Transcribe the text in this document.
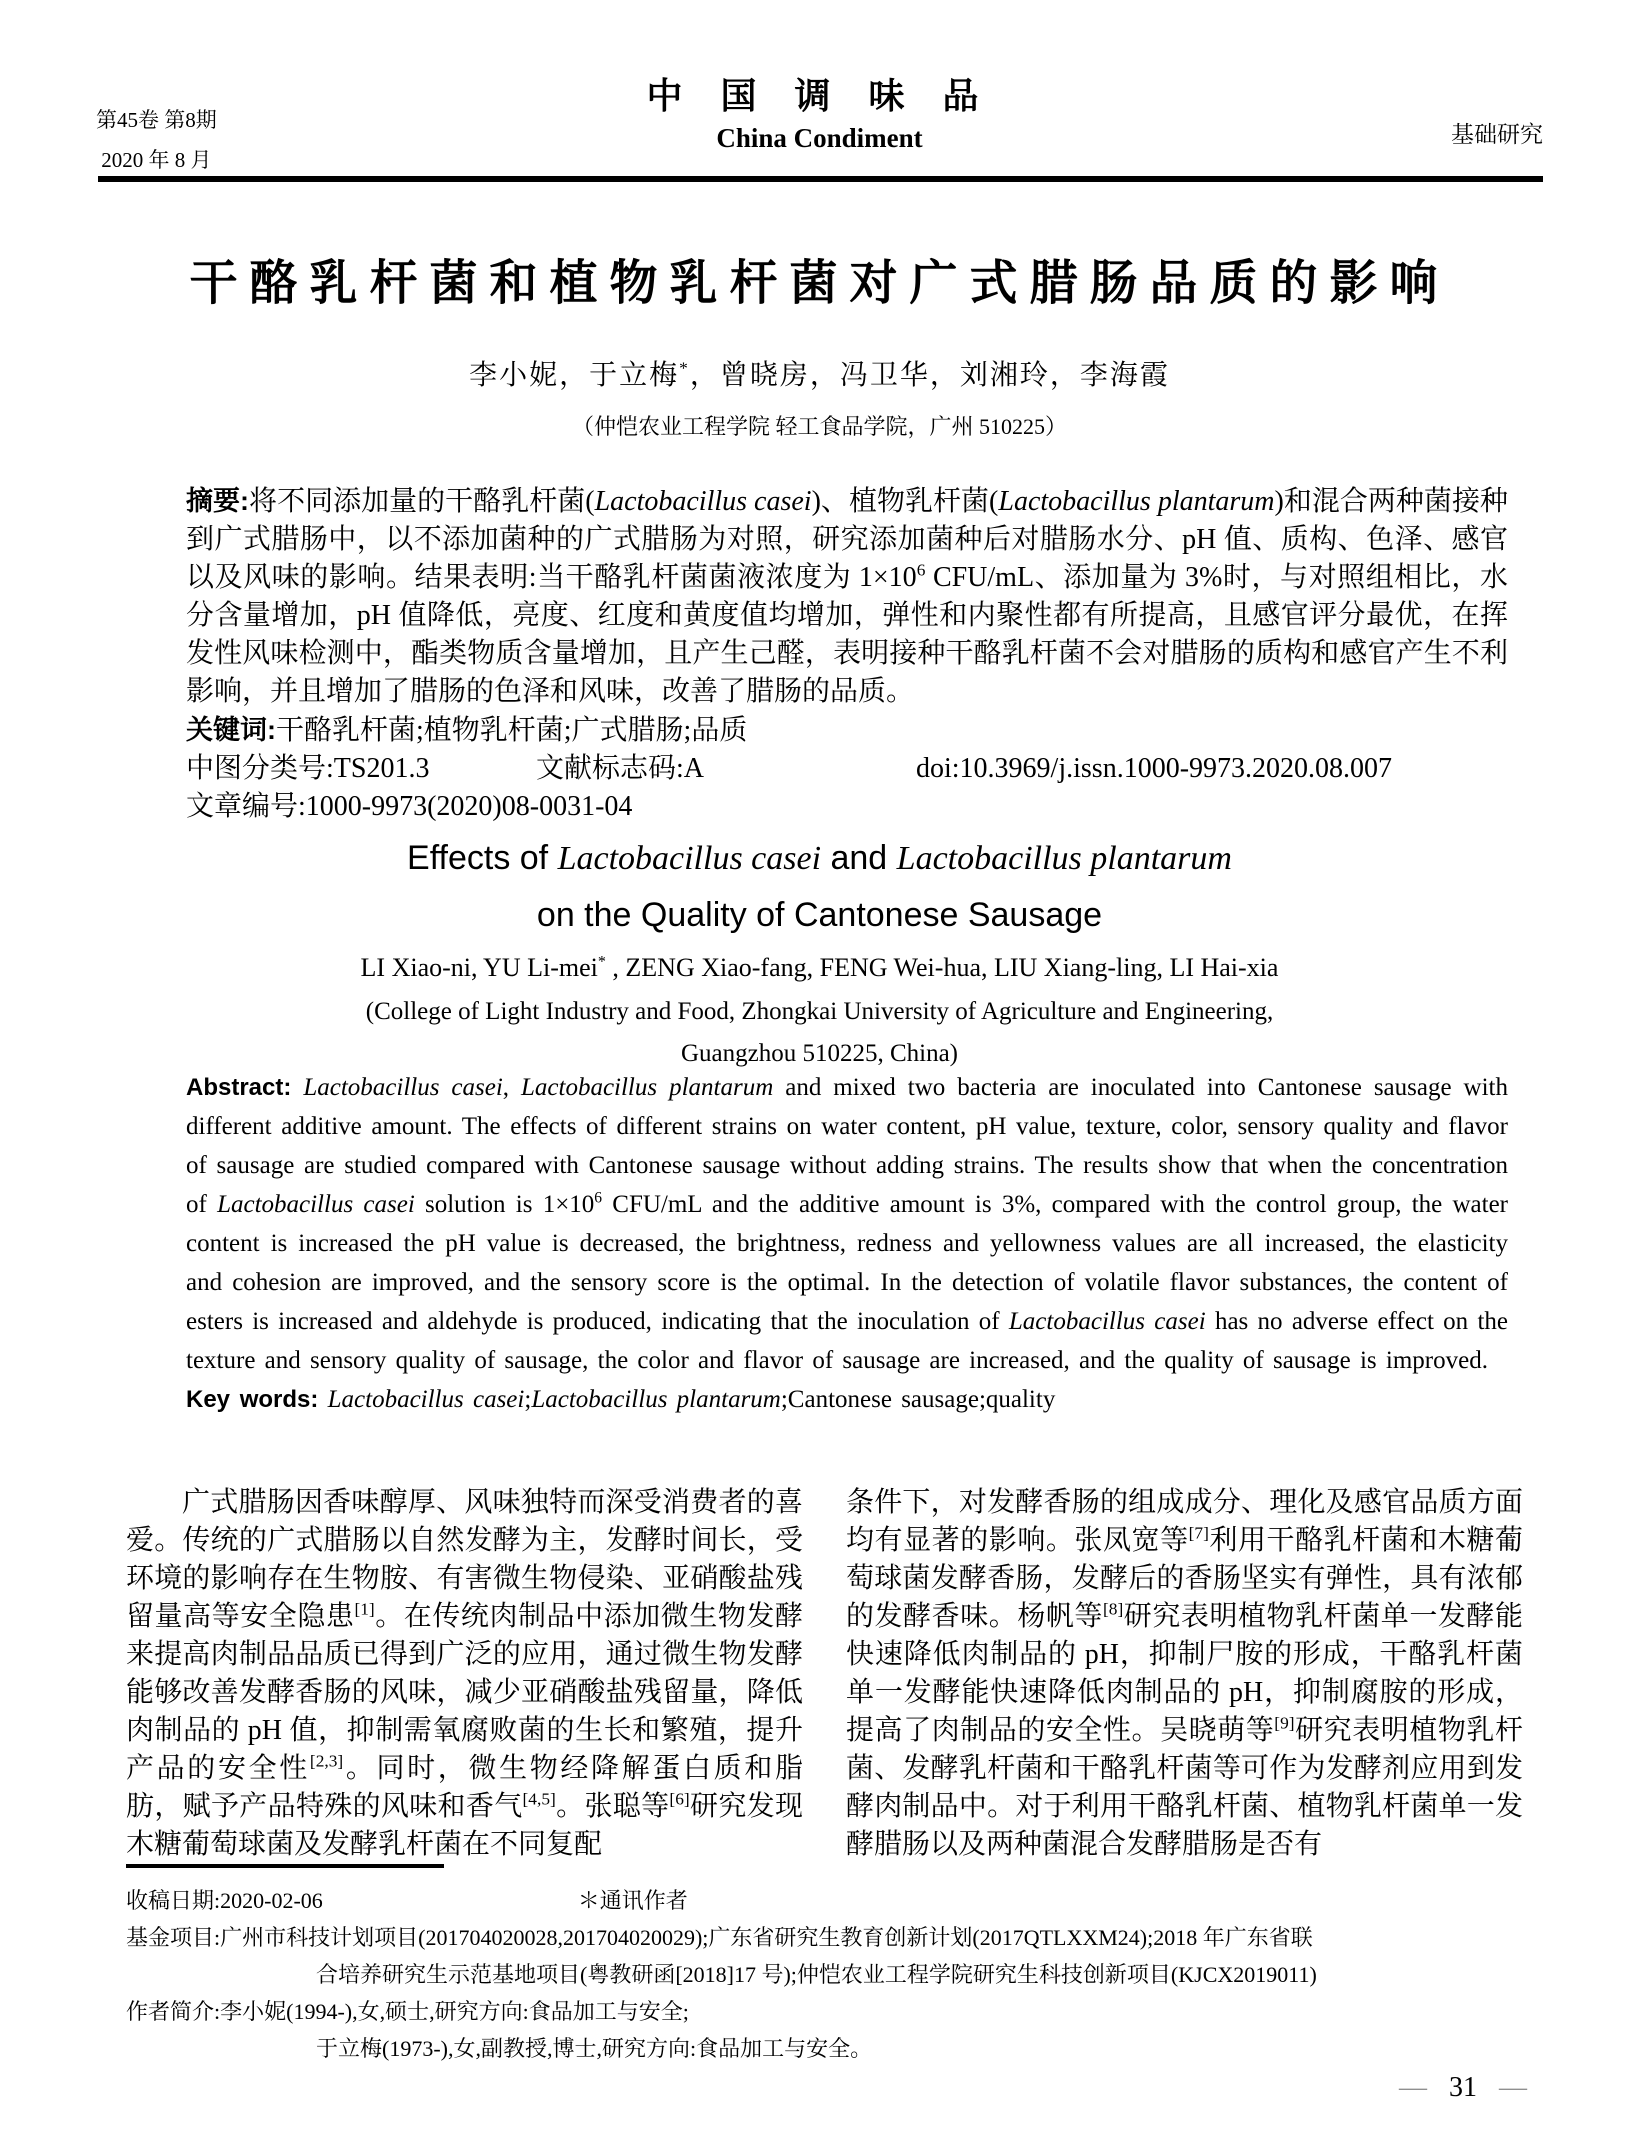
第45卷 第8期
2020 年 8 月
中 国 调 味 品
China Condiment	基础研究
干酪乳杆菌和植物乳杆菌对广式腊肠品质的影响
李小妮，于立梅*，曾晓房，冯卫华，刘湘玲，李海霞
（仲恺农业工程学院 轻工食品学院，广州 510225）

摘要:将不同添加量的干酪乳杆菌(Lactobacillus casei)、植物乳杆菌(Lactobacillus plantarum)和混合两种菌接种到广式腊肠中，以不添加菌种的广式腊肠为对照，研究添加菌种后对腊肠水分、pH 值、质构、色泽、感官以及风味的影响。结果表明:当干酪乳杆菌菌液浓度为 $1\times 10^6$ CFU/mL、添加量为 3%时，与对照组相比，水分含量增加，pH 值降低，亮度、红度和黄度值均增加，弹性和内聚性都有所提高，且感官评分最优，在挥发性风味检测中，酯类物质含量增加，且产生己醛，表明接种干酪乳杆菌不会对腊肠的质构和感官产生不利影响，并且增加了腊肠的色泽和风味，改善了腊肠的品质。

关键词:干酪乳杆菌;植物乳杆菌;广式腊肠;品质

中图分类号:TS201.3	文献标志码:A	doi:10.3969/j.issn.1000-9973.2020.08.007

文章编号:1000-9973(2020)08-0031-04

Effects of Lactobacillus casei and Lactobacillus plantarum
on the Quality of Cantonese Sausage
LI Xiao-ni, YU Li-mei* , ZENG Xiao-fang, FENG Wei-hua, LIU Xiang-ling, LI Hai-xia
(College of Light Industry and Food, Zhongkai University of Agriculture and Engineering,
Guangzhou 510225, China)

Abstract: Lactobacillus casei, Lactobacillus plantarum and mixed two bacteria are inoculated into Cantonese sausage with different additive amount. The effects of different strains on water content, pH value, texture, color, sensory quality and flavor of sausage are studied compared with Cantonese sausage without adding strains. The results show that when the concentration of Lactobacillus casei solution is $1\times 10^6$ CFU/mL and the additive amount is 3%, compared with the control group, the water content is increased the pH value is decreased, the brightness, redness and yellowness values are all increased, the elasticity and cohesion are improved, and the sensory score is the optimal. In the detection of volatile flavor substances, the content of esters is increased and aldehyde is produced, indicating that the inoculation of Lactobacillus casei has no adverse effect on the texture and sensory quality of sausage, the color and flavor of sausage are increased, and the quality of sausage is improved.

Key words: Lactobacillus casei;Lactobacillus plantarum;Cantonese sausage;quality

广式腊肠因香味醇厚、风味独特而深受消费者的喜爱。传统的广式腊肠以自然发酵为主，发酵时间长，受环境的影响存在生物胺、有害微生物侵染、亚硝酸盐残留量高等安全隐患[1]。在传统肉制品中添加微生物发酵来提高肉制品品质已得到广泛的应用，通过微生物发酵能够改善发酵香肠的风味，减少亚硝酸盐残留量，降低肉制品的 pH 值，抑制需氧腐败菌的生长和繁殖，提升产品的安全性[2,3]。同时，微生物经降解蛋白质和脂肪，赋予产品特殊的风味和香气[4,5]。张聪等[6]研究发现木糖葡萄球菌及发酵乳杆菌在不同复配

条件下，对发酵香肠的组成成分、理化及感官品质方面均有显著的影响。张凤宽等[7]利用干酪乳杆菌和木糖葡萄球菌发酵香肠，发酵后的香肠坚实有弹性，具有浓郁的发酵香味。杨帆等[8]研究表明植物乳杆菌单一发酵能快速降低肉制品的 pH，抑制尸胺的形成，干酪乳杆菌单一发酵能快速降低肉制品的 pH，抑制腐胺的形成，提高了肉制品的安全性。吴晓萌等[9]研究表明植物乳杆菌、发酵乳杆菌和干酪乳杆菌等可作为发酵剂应用到发酵肉制品中。对于利用干酪乳杆菌、植物乳杆菌单一发酵腊肠以及两种菌混合发酵腊肠是否有

收稿日期:2020-02-06	＊通讯作者

基金项目:广州市科技计划项目(201704020028,201704020029);广东省研究生教育创新计划(2017QTLXXM24);2018 年广东省联

合培养研究生示范基地项目(粤教研函[2018]17 号);仲恺农业工程学院研究生科技创新项目(KJCX2019011)

作者简介:李小妮(1994-),女,硕士,研究方向:食品加工与安全;

于立梅(1973-),女,副教授,博士,研究方向:食品加工与安全。

— 31 —
